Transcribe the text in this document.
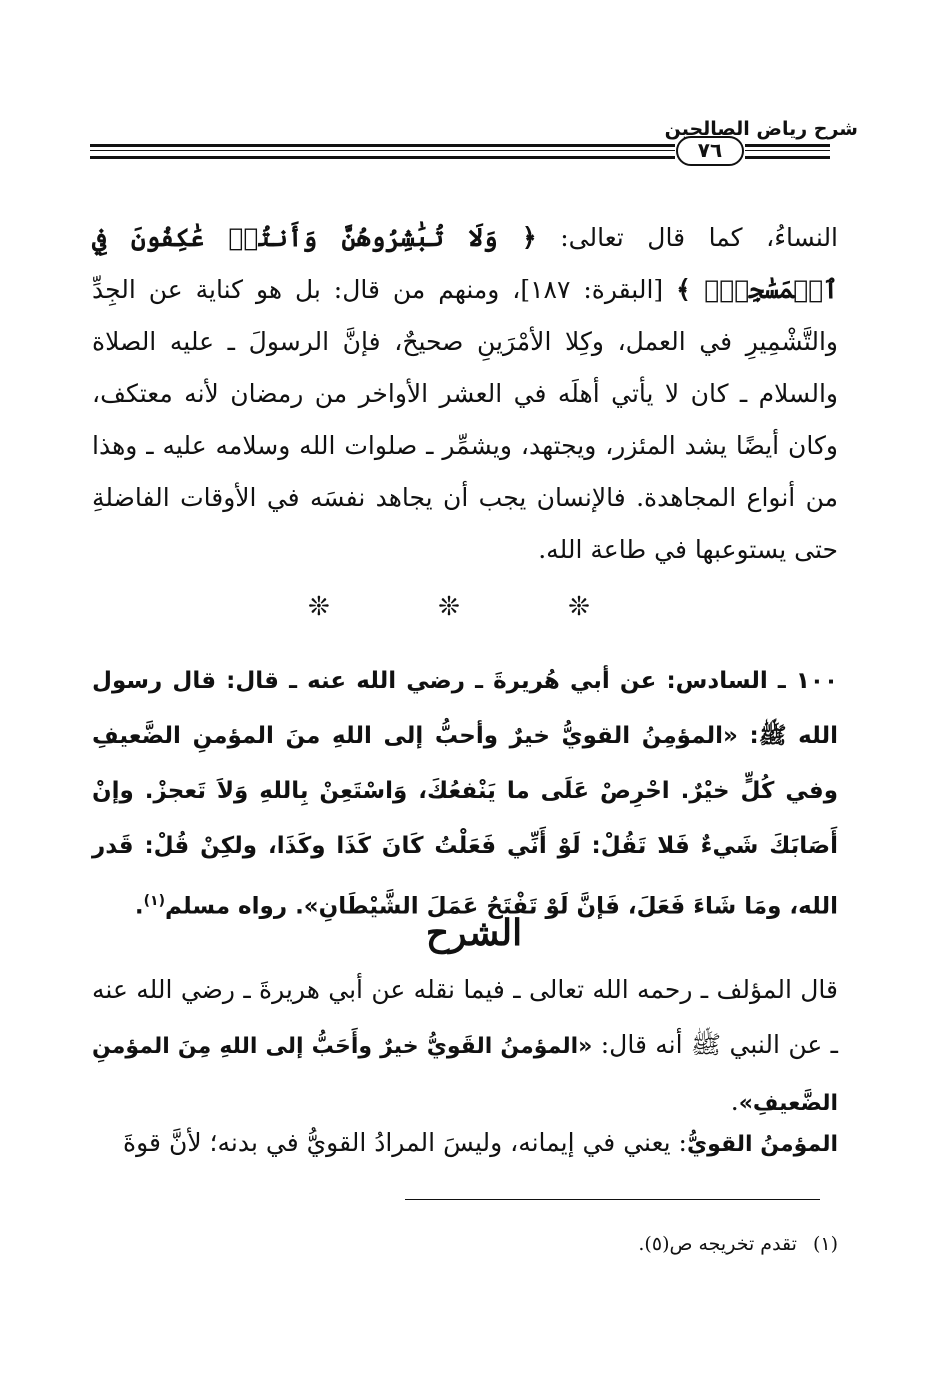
شرح رياض الصالحين
٧٦
النساءُ، كما قال تعالى: ﴿ وَلَا تُبَٰشِرُوهُنَّ وَأَنتُمۡ عَٰكِفُونَ فِي ٱلۡمَسَٰجِدِۗ ﴾ [البقرة: ١٨٧]، ومنهم من قال: بل هو كناية عن الجِدِّ والتَّشْمِيرِ في العمل، وكِلا الأمْرَينِ صحيحٌ، فإنَّ الرسولَ ـ عليه الصلاة والسلام ـ كان لا يأتي أهلَه في العشر الأواخر من رمضان لأنه معتكف، وكان أيضًا يشد المئزر، ويجتهد، ويشمِّر ـ صلوات الله وسلامه عليه ـ وهذا من أنواع المجاهدة. فالإنسان يجب أن يجاهد نفسَه في الأوقات الفاضلةِ حتى يستوعبها في طاعة الله.
❊ ❊ ❊
١٠٠ ـ السادس: عن أبي هُريرةَ ـ رضي الله عنه ـ قال: قال رسول الله ﷺ: «المؤمِنُ القويُّ خيرٌ وأحبُّ إلى اللهِ منَ المؤمنِ الضَّعيفِ وفي كُلٍّ خيْرٌ. احْرِصْ عَلَى ما يَنْفعُكَ، وَاسْتَعِنْ بِاللهِ وَلاَ تَعجزْ. وإنْ أَصَابَكَ شَيءٌ فَلا تَقُلْ: لَوْ أَنِّي فَعَلْتُ كَانَ كَذَا وكَذَا، ولكِنْ قُلْ: قَدر الله، ومَا شَاءَ فَعَلَ، فَإنَّ لَوْ تَفْتَحُ عَمَلَ الشَّيْطَانِ». رواه مسلم$^{(١)}$.
الشرح
قال المؤلف ـ رحمه الله تعالى ـ فيما نقله عن أبي هريرةَ ـ رضي الله عنه ـ عن النبي ﷺ أنه قال: «المؤمنُ القَويُّ خيرٌ وأَحَبُّ إلى اللهِ مِنَ المؤمنِ الضَّعيفِ».
المؤمنُ القويُّ: يعني في إيمانه، وليسَ المرادُ القويُّ في بدنه؛ لأنَّ قوةَ
(١)تقدم تخريجه ص(٥).
